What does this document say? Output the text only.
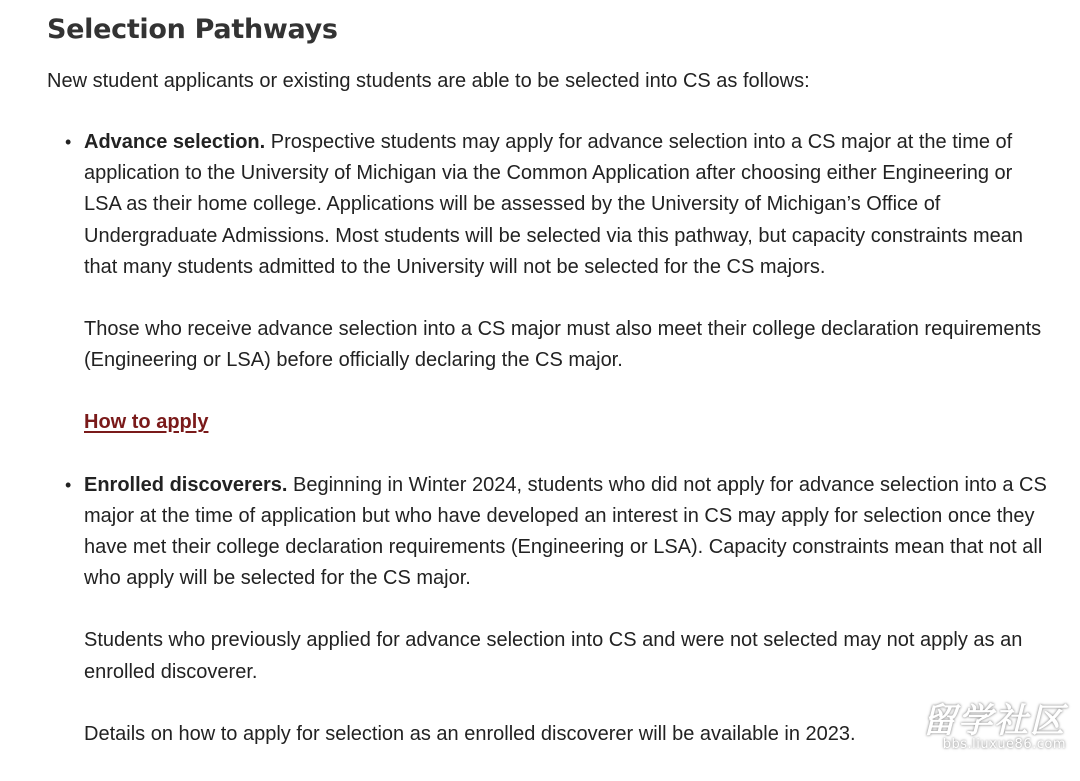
Selection Pathways

New student applicants or existing students are able to be selected into CS as follows:

• Advance selection. Prospective students may apply for advance selection into a CS major at the time of application to the University of Michigan via the Common Application after choosing either Engineering or LSA as their home college. Applications will be assessed by the University of Michigan’s Office of Undergraduate Admissions. Most students will be selected via this pathway, but capacity constraints mean that many students admitted to the University will not be selected for the CS majors.

Those who receive advance selection into a CS major must also meet their college declaration requirements (Engineering or LSA) before officially declaring the CS major.

How to apply

• Enrolled discoverers. Beginning in Winter 2024, students who did not apply for advance selection into a CS major at the time of application but who have developed an interest in CS may apply for selection once they have met their college declaration requirements (Engineering or LSA). Capacity constraints mean that not all who apply will be selected for the CS major.

Students who previously applied for advance selection into CS and were not selected may not apply as an enrolled discoverer.

Details on how to apply for selection as an enrolled discoverer will be available in 2023.	留学社区
bbs.liuxue86.com
